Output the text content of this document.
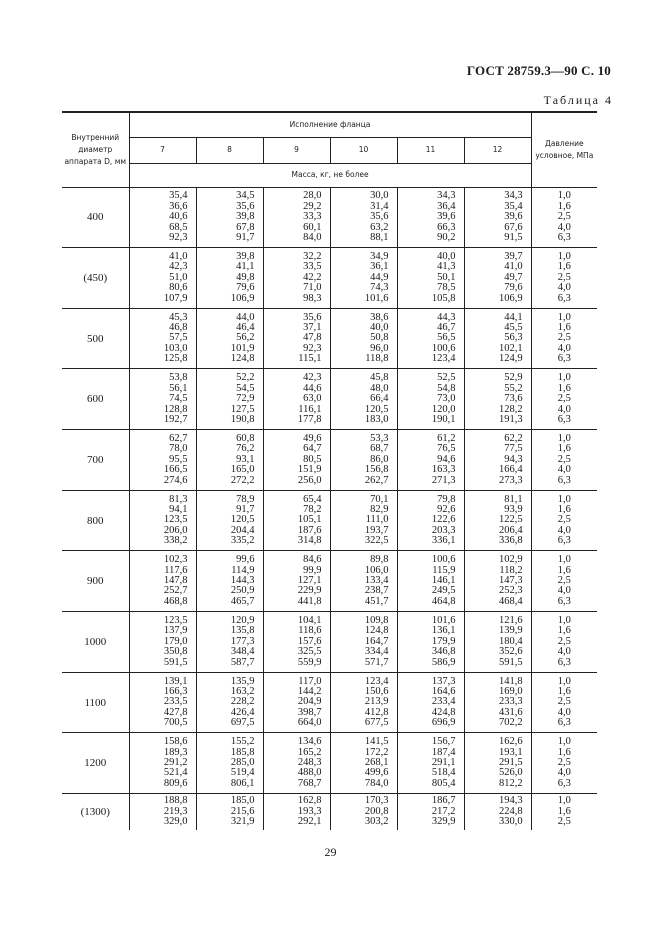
ГОСТ 28759.3—90 С. 10
Таблица 4
Внутренний диаметр аппарата D, мм	Исполнение фланца						Давление условное, МПа
	7	8	9	10	11	12	
	Масса, кг, не более						
400	35,4
36,6
40,6
68,5
92,3	34,5
35,6
39,8
67,8
91,7	28,0
29,2
33,3
60,1
84,0	30,0
31,4
35,6
63,2
88,1	34,3
36,4
39,6
66,3
90,2	34,3
35,4
39,6
67,6
91,5	1,0
1,6
2,5
4,0
6,3

(450)	41,0
42,3
51,0
80,6
107,9	39,8
41,1
49,8
79,6
106,9	32,2
33,5
42,2
71,0
98,3	34,9
36,1
44,9
74,3
101,6	40,0
41,3
50,1
78,5
105,8	39,7
41,0
49,7
79,6
106,9	1,0
1,6
2,5
4,0
6,3

500	45,3
46,8
57,5
103,0
125,8	44,0
46,4
56,2
101,9
124,8	35,6
37,1
47,8
92,3
115,1	38,6
40,0
50,8
96,0
118,8	44,3
46,7
56,5
100,6
123,4	44,1
45,5
56,3
102,1
124,9	1,0
1,6
2,5
4,0
6,3

600	53,8
56,1
74,5
128,8
192,7	52,2
54,5
72,9
127,5
190,8	42,3
44,6
63,0
116,1
177,8	45,8
48,0
66,4
120,5
183,0	52,5
54,8
73,0
120,0
190,1	52,9
55,2
73,6
128,2
191,3	1,0
1,6
2,5
4,0
6,3

700	62,7
78,0
95,5
166,5
274,6	60,8
76,2
93,1
165,0
272,2	49,6
64,7
80,5
151,9
256,0	53,3
68,7
86,0
156,8
262,7	61,2
76,5
94,6
163,3
271,3	62,2
77,5
94,3
166,4
273,3	1,0
1,6
2,5
4,0
6,3

800	81,3
94,1
123,5
206,0
338,2	78,9
91,7
120,5
204,4
335,2	65,4
78,2
105,1
187,6
314,8	70,1
82,9
111,0
193,7
322,5	79,8
92,6
122,6
203,3
336,1	81,1
93,9
122,5
206,4
336,8	1,0
1,6
2,5
4,0
6,3

900	102,3
117,6
147,8
252,7
468,8	99,6
114,9
144,3
250,9
465,7	84,6
99,9
127,1
229,9
441,8	89,8
106,0
133,4
238,7
451,7	100,6
115,9
146,1
249,5
464,8	102,9
118,2
147,3
252,3
468,4	1,0
1,6
2,5
4,0
6,3

1000	123,5
137,9
179,0
350,8
591,5	120,9
135,8
177,3
348,4
587,7	104,1
118,6
157,6
325,5
559,9	109,8
124,8
164,7
334,4
571,7	101,6
136,1
179,9
346,8
586,9	121,6
139,9
180,4
352,6
591,5	1,0
1,6
2,5
4,0
6,3

1100	139,1
166,3
233,5
427,8
700,5	135,9
163,2
228,2
426,4
697,5	117,0
144,2
204,9
398,7
664,0	123,4
150,6
213,9
412,8
677,5	137,3
164,6
233,4
424,8
696,9	141,8
169,0
233,3
431,6
702,2	1,0
1,6
2,5
4,0
6,3

1200	158,6
189,3
291,2
521,4
809,6	155,2
185,8
285,0
519,4
806,1	134,6
165,2
248,3
488,0
768,7	141,5
172,2
268,1
499,6
784,0	156,7
187,4
291,1
518,4
805,4	162,6
193,1
291,5
526,0
812,2	1,0
1,6
2,5
4,0
6,3

(1300)	188,8
219,3
329,0	185,0
215,6
321,9	162,8
193,3
292,1	170,3
200,8
303,2	186,7
217,2
329,9	194,3
224,8
330,0	1,0
1,6
2,5
29
